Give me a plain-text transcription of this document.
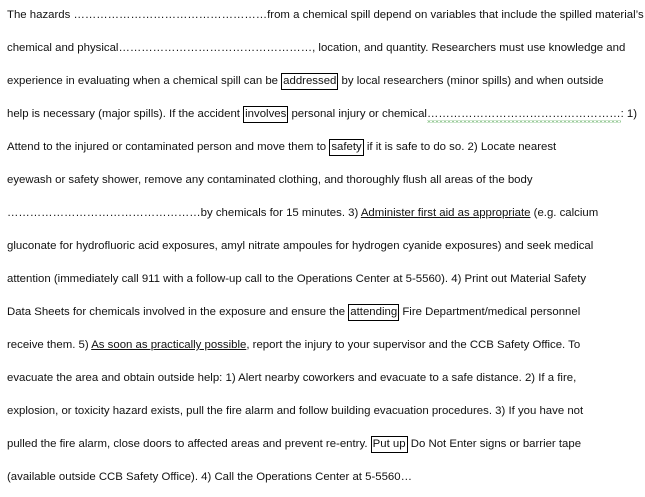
The hazards ……………………………………………from a chemical spill depend on variables that include the spilled material’s
chemical and physical……………………………………………, location, and quantity. Researchers must use knowledge and
experience in evaluating when a chemical spill can be addressed by local researchers (minor spills) and when outside
help is necessary (major spills). If the accident involves personal injury or chemical……………………………………………: 1)
Attend to the injured or contaminated person and move them to safety if it is safe to do so. 2) Locate nearest
eyewash or safety shower, remove any contaminated clothing, and thoroughly flush all areas of the body
……………………………………………by chemicals for 15 minutes. 3) Administer first aid as appropriate (e.g. calcium
gluconate for hydrofluoric acid exposures, amyl nitrate ampoules for hydrogen cyanide exposures) and seek medical
attention (immediately call 911 with a follow-up call to the Operations Center at 5-5560). 4) Print out Material Safety
Data Sheets for chemicals involved in the exposure and ensure the attending Fire Department/medical personnel
receive them. 5) As soon as practically possible, report the injury to your supervisor and the CCB Safety Office. To
evacuate the area and obtain outside help: 1) Alert nearby coworkers and evacuate to a safe distance. 2) If a fire,
explosion, or toxicity hazard exists, pull the fire alarm and follow building evacuation procedures. 3) If you have not
pulled the fire alarm, close doors to affected areas and prevent re-entry. Put up Do Not Enter signs or barrier tape
(available outside CCB Safety Office). 4) Call the Operations Center at 5-5560…
